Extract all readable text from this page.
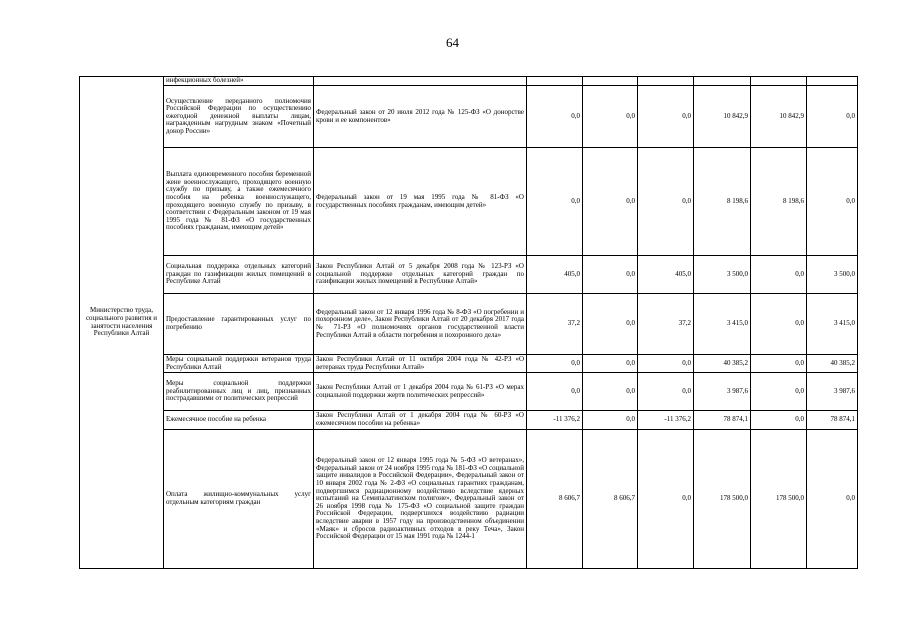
64
Министерство труда, социального развития и занятости населения Республики Алтай	инфекционных болезней»							
	Осуществление переданного полномочия Российской Федерации по осуществлению ежегодной денежной выплаты лицам, награжденным нагрудным знаком «Почетный донор России»	Федеральный закон от 20 июля 2012 года № 125-ФЗ «О донорстве крови и ее компонентов»	0,0	0,0	0,0	10 842,9	10 842,9	0,0
	Выплата единовременного пособия беременной жене военнослужащего, проходящего военную службу по призыву, а также ежемесячного пособия на ребенка военнослужащего, проходящего военную службу по призыву, в соответствии с Федеральным законом от 19 мая 1995 года № 81-ФЗ «О государственных пособиях гражданам, имеющим детей»	Федеральный закон от 19 мая 1995 года № 81-ФЗ «О государственных пособиях гражданам, имеющим детей»	0,0	0,0	0,0	8 198,6	8 198,6	0,0
	Социальная поддержка отдельных категорий граждан по газификации жилых помещений в Республике Алтай	Закон Республики Алтай от 5 декабря 2008 года № 123-РЗ «О социальной поддержке отдельных категорий граждан по газификации жилых помещений в Республике Алтай»	405,0	0,0	405,0	3 500,0	0,0	3 500,0
	Предоставление гарантированных услуг по погребению	Федеральный закон от 12 января 1996 года № 8-ФЗ «О погребении и похоронном деле», Закон Республики Алтай от 20 декабря 2017 года № 71-РЗ «О полномочиях органов государственной власти Республики Алтай в области погребения и похоронного дела»	37,2	0,0	37,2	3 415,0	0,0	3 415,0
	Меры социальной поддержки ветеранов труда Республики Алтай	Закон Республики Алтай от 11 октября 2004 года № 42-РЗ «О ветеранах труда Республики Алтай»	0,0	0,0	0,0	40 385,2	0,0	40 385,2
	Меры социальной поддержки реабилитированных лиц и лиц, признанных пострадавшими от политических репрессий	Закон Республики Алтай от 1 декабря 2004 года № 61-РЗ «О мерах социальной поддержки жертв политических репрессий»	0,0	0,0	0,0	3 987,6	0,0	3 987,6
	Ежемесячное пособие на ребенка	Закон Республики Алтай от 1 декабря 2004 года № 60-РЗ «О ежемесячном пособии на ребенка»	-11 376,2	0,0	-11 376,2	78 874,1	0,0	78 874,1
	Оплата жилищно-коммунальных услуг отдельным категориям граждан	Федеральный закон от 12 января 1995 года № 5-ФЗ «О ветеранах», Федеральный закон от 24 ноября 1995 года № 181-ФЗ «О социальной защите инвалидов в Российской Федерации», Федеральный закон от 10 января 2002 года № 2-ФЗ «О социальных гарантиях гражданам, подвергшимся радиационному воздействию вследствие ядерных испытаний на Семипалатинском полигоне», Федеральный закон от 26 ноября 1998 года № 175-ФЗ «О социальной защите граждан Российской Федерации, подвергшихся воздействию радиации вследствие аварии в 1957 году на производственном объединении «Маяк» и сбросов радиоактивных отходов в реку Теча», Закон Российской Федерации от 15 мая 1991 года № 1244-1	8 606,7	8 606,7	0,0	178 500,0	178 500,0	0,0
